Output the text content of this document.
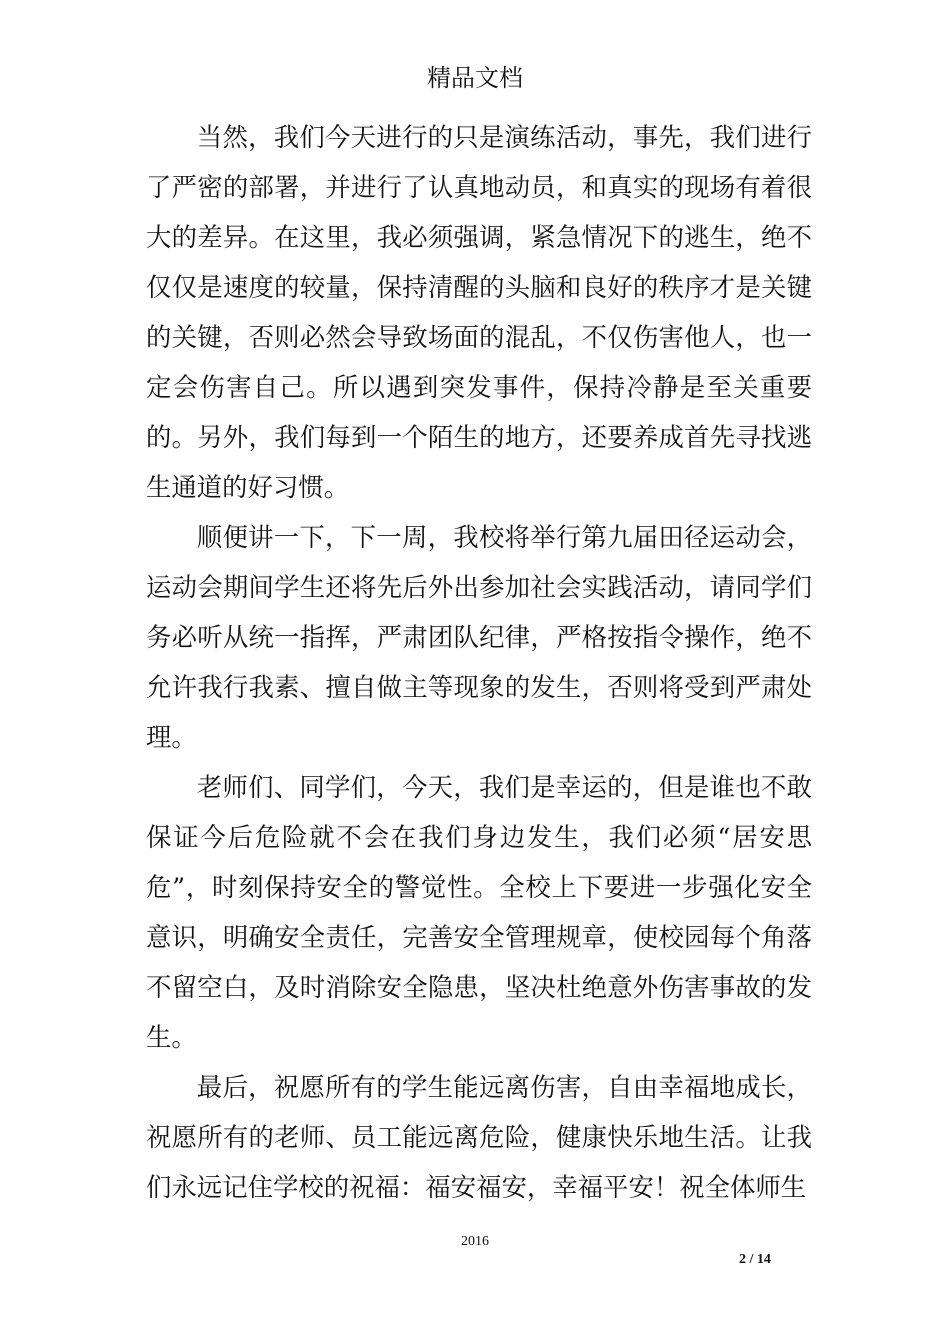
精品文档

当然，我们今天进行的只是演练活动，事先，我们进行了严密的部署，并进行了认真地动员，和真实的现场有着很大的差异。在这里，我必须强调，紧急情况下的逃生，绝不仅仅是速度的较量，保持清醒的头脑和良好的秩序才是关键的关键，否则必然会导致场面的混乱，不仅伤害他人，也一定会伤害自己。所以遇到突发事件，保持冷静是至关重要的。另外，我们每到一个陌生的地方，还要养成首先寻找逃生通道的好习惯。

顺便讲一下，下一周，我校将举行第九届田径运动会，运动会期间学生还将先后外出参加社会实践活动，请同学们务必听从统一指挥，严肃团队纪律，严格按指令操作，绝不允许我行我素、擅自做主等现象的发生，否则将受到严肃处理。

老师们、同学们，今天，我们是幸运的，但是谁也不敢保证今后危险就不会在我们身边发生，我们必须“居安思危”，时刻保持安全的警觉性。全校上下要进一步强化安全意识，明确安全责任，完善安全管理规章，使校园每个角落不留空白，及时消除安全隐患，坚决杜绝意外伤害事故的发生。

最后，祝愿所有的学生能远离伤害，自由幸福地成长，祝愿所有的老师、员工能远离危险，健康快乐地生活。让我们永远记住学校的祝福：福安福安，幸福平安！祝全体师生

2016
2 / 14
